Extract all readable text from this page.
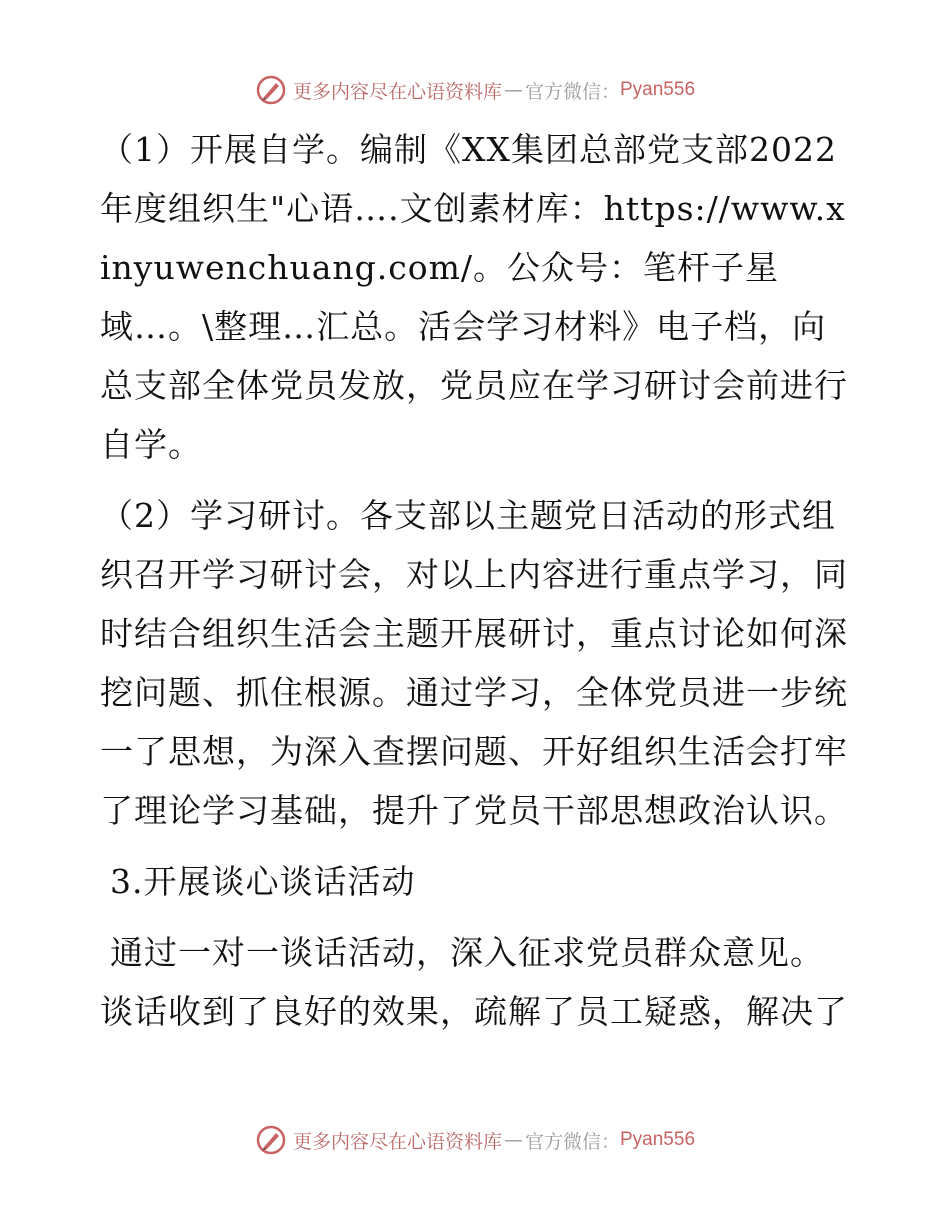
更多内容尽在心语资料库 — 官方微信： Pyan556

（1）开展自学。编制《XX集团总部党支部2022年度组织生"心语….文创素材库：https://www.xinyuwenchuang.com/。公众号：笔杆子星域…。\整理…汇总。活会学习材料》电子档，向总支部全体党员发放，党员应在学习研讨会前进行自学。

（2）学习研讨。各支部以主题党日活动的形式组织召开学习研讨会，对以上内容进行重点学习，同时结合组织生活会主题开展研讨，重点讨论如何深挖问题、抓住根源。通过学习，全体党员进一步统一了思想，为深入查摆问题、开好组织生活会打牢了理论学习基础，提升了党员干部思想政治认识。

3.开展谈心谈话活动

通过一对一谈话活动，深入征求党员群众意见。谈话收到了良好的效果，疏解了员工疑惑，解决了

更多内容尽在心语资料库 — 官方微信： Pyan556
